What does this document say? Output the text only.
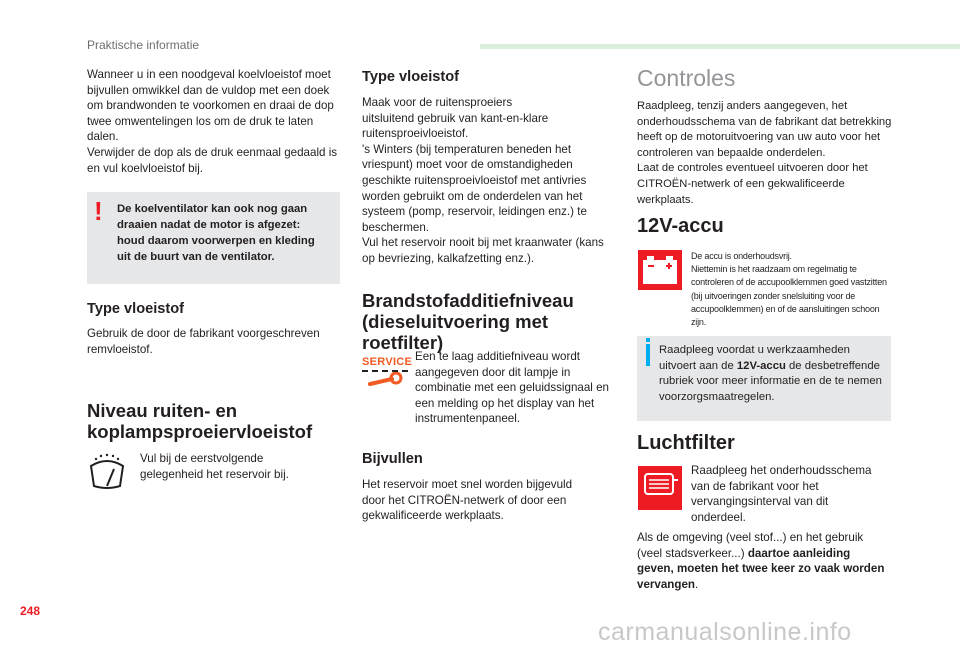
Praktische informatie

Wanneer u in een noodgeval koelvloeistof moet bijvullen omwikkel dan de vuldop met een doek om brandwonden te voorkomen en draai de dop twee omwentelingen los om de druk te laten dalen.

Verwijder de dop als de druk eenmaal gedaald is en vul koelvloeistof bij.

! De koelventilator kan ook nog gaan draaien nadat de motor is afgezet: houd daarom voorwerpen en kleding uit de buurt van de ventilator.
Type vloeistof
Gebruik de door de fabrikant voorgeschreven remvloeistof.
Niveau ruiten- en
koplampsproeiervloeistof
Vul bij de eerstvolgende gelegenheid het reservoir bij.
Type vloeistof

Maak voor de ruitensproeiers

uitsluitend gebruik van kant-en-klare ruitensproeivloeistof.

's Winters (bij temperaturen beneden het vriespunt) moet voor de omstandigheden geschikte ruitensproeivloeistof met antivries worden gebruikt om de onderdelen van het systeem (pomp, reservoir, leidingen enz.) te beschermen.

Vul het reservoir nooit bij met kraanwater (kans op bevriezing, kalkafzetting enz.).

Brandstofadditiefniveau
(dieseluitvoering met roetfilter)
SERVICE Een te laag additiefniveau wordt aangegeven door dit lampje in combinatie met een geluidssignaal en een melding op het display van het instrumentenpaneel.
Bijvullen
Het reservoir moet snel worden bijgevuld door het CITROËN-netwerk of door een gekwalificeerde werkplaats.
Controles

Raadpleeg, tenzij anders aangegeven, het onderhoudsschema van de fabrikant dat betrekking heeft op de motoruitvoering van uw auto voor het controleren van bepaalde onderdelen.

Laat de controles eventueel uitvoeren door het CITROËN-netwerk of een gekwalificeerde werkplaats.

12V-accu

De accu is onderhoudsvrij.

Niettemin is het raadzaam om regelmatig te controleren of de accupoolklemmen goed vastzitten (bij uitvoeringen zonder snelsluiting voor de accupoolklemmen) en of de aansluitingen schoon zijn.

Raadpleeg voordat u werkzaamheden uitvoert aan de 12V-accu de desbetreffende rubriek voor meer informatie en de te nemen voorzorgsmaatregelen.
Luchtfilter
Raadpleeg het onderhoudsschema van de fabrikant voor het vervangingsinterval van dit onderdeel.
Als de omgeving (veel stof...) en het gebruik (veel stadsverkeer...) daartoe aanleiding geven, moeten het twee keer zo vaak worden vervangen.
248
carmanualsonline.info
